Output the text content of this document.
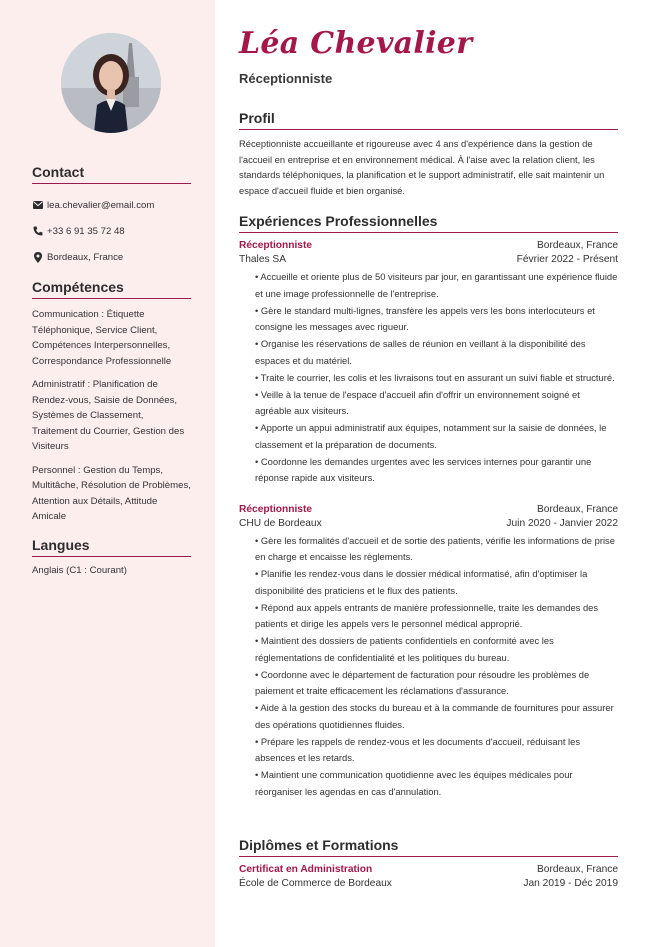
Contact
lea.chevalier@email.com
+33 6 91 35 72 48
Bordeaux, France
Compétences
Communication : Étiquette Téléphonique, Service Client, Compétences Interpersonnelles, Correspondance Professionnelle
Administratif : Planification de Rendez-vous, Saisie de Données, Systèmes de Classement, Traitement du Courrier, Gestion des Visiteurs
Personnel : Gestion du Temps, Multitâche, Résolution de Problèmes, Attention aux Détails, Attitude Amicale
Langues
Anglais (C1 : Courant)
Léa Chevalier
Réceptionniste
Profil
Réceptionniste accueillante et rigoureuse avec 4 ans d'expérience dans la gestion de l'accueil en entreprise et en environnement médical. À l'aise avec la relation client, les standards téléphoniques, la planification et le support administratif, elle sait maintenir un espace d'accueil fluide et bien organisé.
Expériences Professionnelles
Réceptionniste	Bordeaux, France
Thales SA	Février 2022 - Présent
• Accueille et oriente plus de 50 visiteurs par jour, en garantissant une expérience fluide et une image professionnelle de l'entreprise.
• Gère le standard multi-lignes, transfère les appels vers les bons interlocuteurs et consigne les messages avec rigueur.
• Organise les réservations de salles de réunion en veillant à la disponibilité des espaces et du matériel.
• Traite le courrier, les colis et les livraisons tout en assurant un suivi fiable et structuré.
• Veille à la tenue de l'espace d'accueil afin d'offrir un environnement soigné et agréable aux visiteurs.
• Apporte un appui administratif aux équipes, notamment sur la saisie de données, le classement et la préparation de documents.
• Coordonne les demandes urgentes avec les services internes pour garantir une réponse rapide aux visiteurs.
Réceptionniste	Bordeaux, France
CHU de Bordeaux	Juin 2020 - Janvier 2022
• Gère les formalités d'accueil et de sortie des patients, vérifie les informations de prise en charge et encaisse les règlements.
• Planifie les rendez-vous dans le dossier médical informatisé, afin d'optimiser la disponibilité des praticiens et le flux des patients.
• Répond aux appels entrants de manière professionnelle, traite les demandes des patients et dirige les appels vers le personnel médical approprié.
• Maintient des dossiers de patients confidentiels en conformité avec les réglementations de confidentialité et les politiques du bureau.
• Coordonne avec le département de facturation pour résoudre les problèmes de paiement et traite efficacement les réclamations d'assurance.
• Aide à la gestion des stocks du bureau et à la commande de fournitures pour assurer des opérations quotidiennes fluides.
• Prépare les rappels de rendez-vous et les documents d'accueil, réduisant les absences et les retards.
• Maintient une communication quotidienne avec les équipes médicales pour réorganiser les agendas en cas d'annulation.
Diplômes et Formations
Certificat en Administration	Bordeaux, France
École de Commerce de Bordeaux	Jan 2019 - Déc 2019
